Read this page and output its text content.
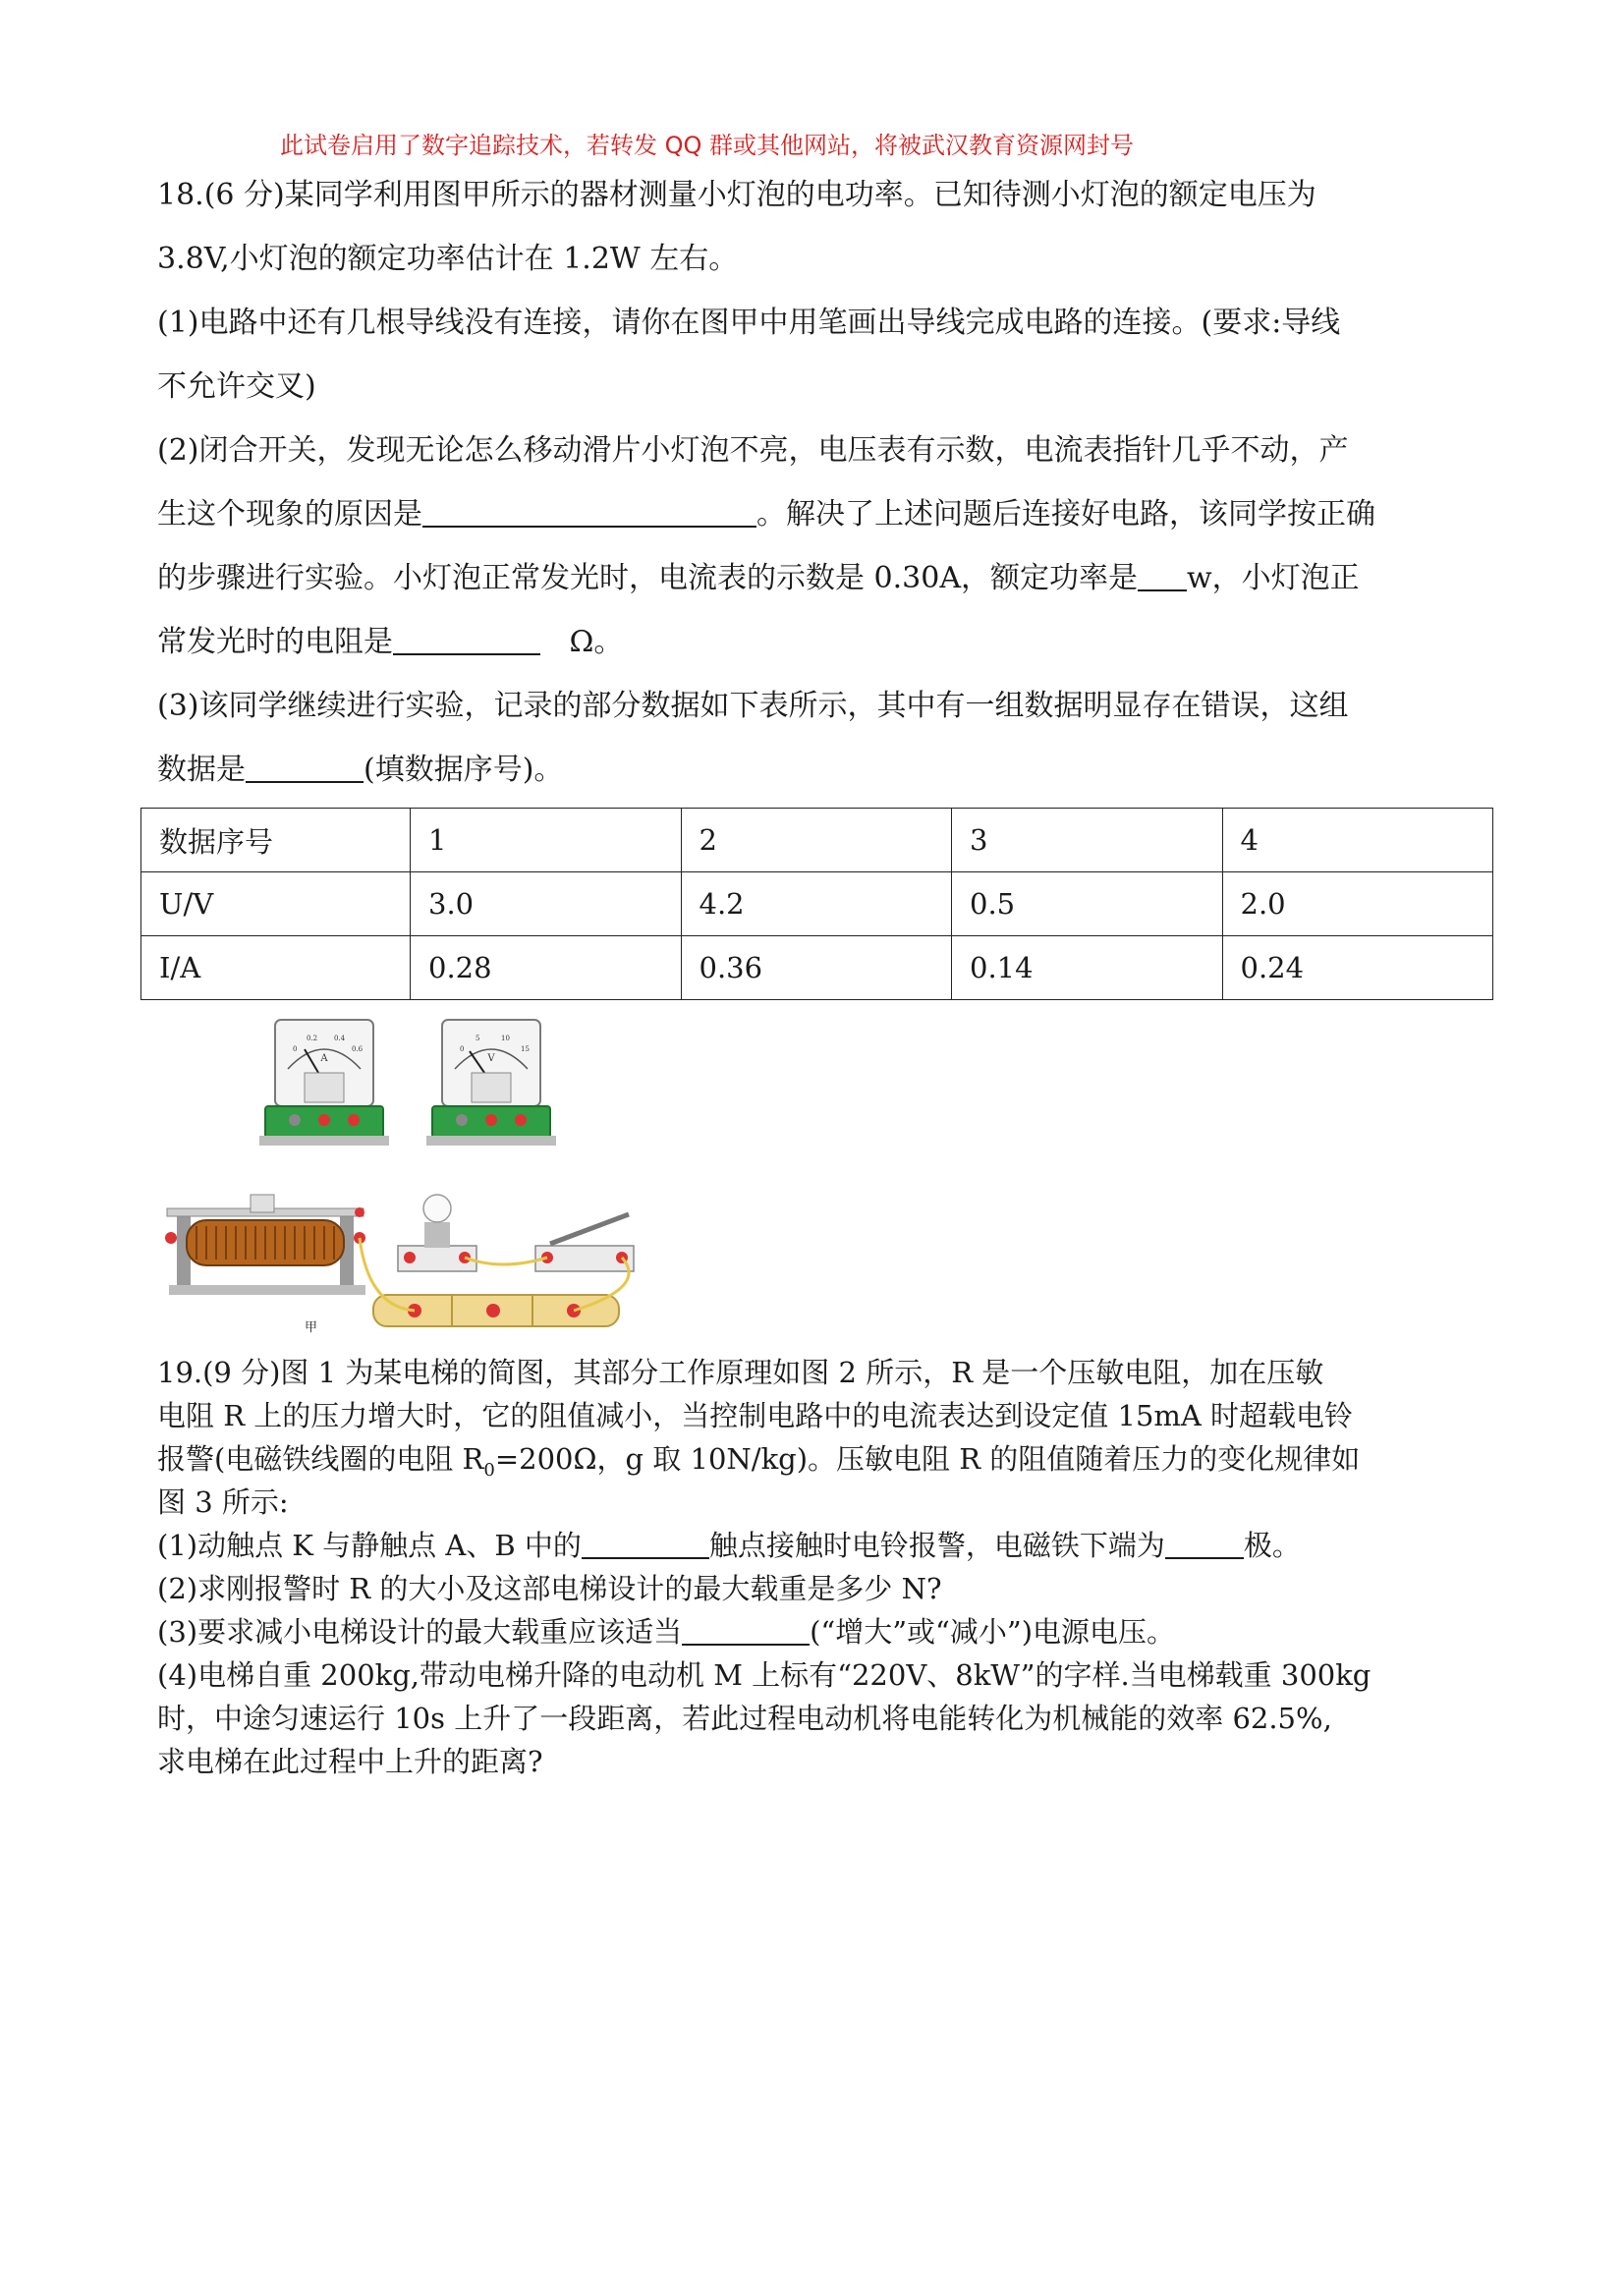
此试卷启用了数字追踪技术，若转发 QQ 群或其他网站，将被武汉教育资源网封号
18.(6 分)某同学利用图甲所示的器材测量小灯泡的电功率。已知待测小灯泡的额定电压为
3.8V,小灯泡的额定功率估计在 1.2W 左右。
(1)电路中还有几根导线没有连接，请你在图甲中用笔画出导线完成电路的连接。(要求:导线
不允许交叉)
(2)闭合开关，发现无论怎么移动滑片小灯泡不亮，电压表有示数，电流表指针几乎不动，产
生这个现象的原因是	。解决了上述问题后连接好电路，该同学按正确
的步骤进行实验。小灯泡正常发光时，电流表的示数是 0.30A，额定功率是 w，小灯泡正
常发光时的电阻是	Ω。
(3)该同学继续进行实验，记录的部分数据如下表所示，其中有一组数据明显存在错误，这组
数据是	(填数据序号)。
数据序号	1	2	3	4
U/V	3.0	4.2	0.5	2.0
I/A	0.28	0.36	0.14	0.24
A
0
0.2 0.4
0.6
V
0
5	10
15
甲
19.(9 分)图 1 为某电梯的简图，其部分工作原理如图 2 所示，R 是一个压敏电阻，加在压敏
电阻 R 上的压力增大时，它的阻值减小，当控制电路中的电流表达到设定值 15mA 时超载电铃
报警(电磁铁线圈的电阻 $R_0=200\Omega$，g 取 10N/kg)。压敏电阻 R 的阻值随着压力的变化规律如
图 3 所示:
(1)动触点 K 与静触点 A、B 中的	触点接触时电铃报警，电磁铁下端为	极。
(2)求刚报警时 R 的大小及这部电梯设计的最大载重是多少 N?
(3)要求减小电梯设计的最大载重应该适当	(“增大”或“减小”)电源电压。
(4)电梯自重 200kg,带动电梯升降的电动机 M 上标有“220V、8kW”的字样.当电梯载重 300kg
时，中途匀速运行 10s 上升了一段距离，若此过程电动机将电能转化为机械能的效率 62.5%,
求电梯在此过程中上升的距离?
